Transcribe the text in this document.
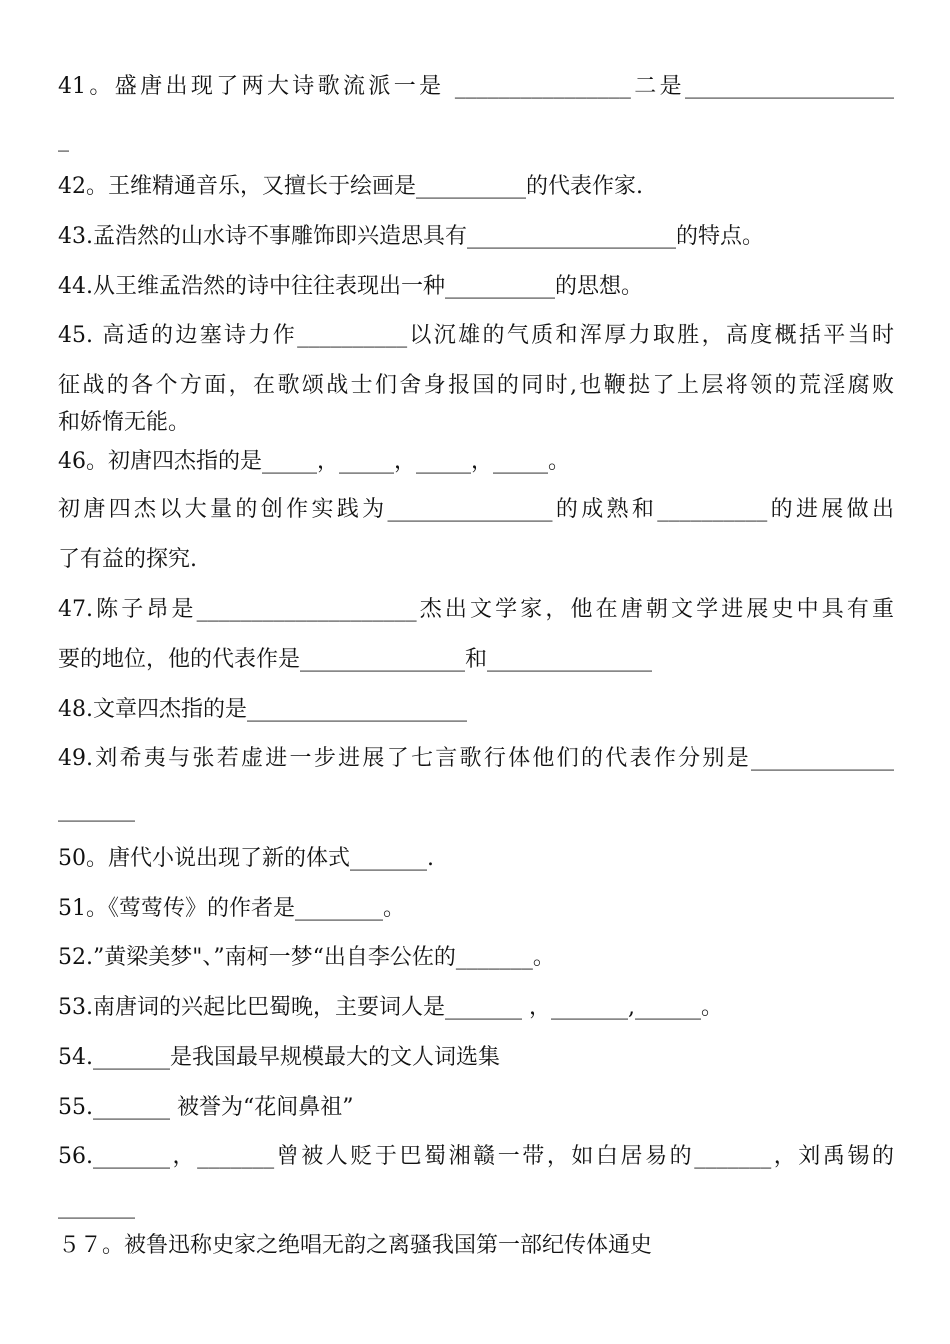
41。盛唐出现了两大诗歌流派一是 ________________二是___________________
_
42。王维精通音乐，又擅长于绘画是__________的代表作家.
43.孟浩然的山水诗不事雕饰即兴造思具有___________________的特点。
44.从王维孟浩然的诗中往往表现出一种__________的思想。
45. 高适的边塞诗力作__________以沉雄的气质和浑厚力取胜，高度概括平当时
征战的各个方面，在歌颂战士们舍身报国的同时,也鞭挞了上层将领的荒淫腐败
和娇惰无能。
46。初唐四杰指的是_____，_____，_____，_____。
初唐四杰以大量的创作实践为_______________的成熟和__________的进展做出
了有益的探究.
47.陈子昂是____________________杰出文学家，他在唐朝文学进展史中具有重
要的地位，他的代表作是_______________和_______________
48.文章四杰指的是____________________
49.刘希夷与张若虚进一步进展了七言歌行体他们的代表作分别是_____________
_______
50。唐代小说出现了新的体式_______.
51。《莺莺传》的作者是________。
52.”黄梁美梦"、”南柯一梦“出自李公佐的_______。
53.南唐词的兴起比巴蜀晚，主要词人是_______ ，_______,______。
54._______是我国最早规模最大的文人词选集
55._______ 被誉为“花间鼻祖”
56._______，_______曾被人贬于巴蜀湘赣一带，如白居易的_______，刘禹锡的
_______
５７。被鲁迅称史家之绝唱无韵之离骚我国第一部纪传体通史
